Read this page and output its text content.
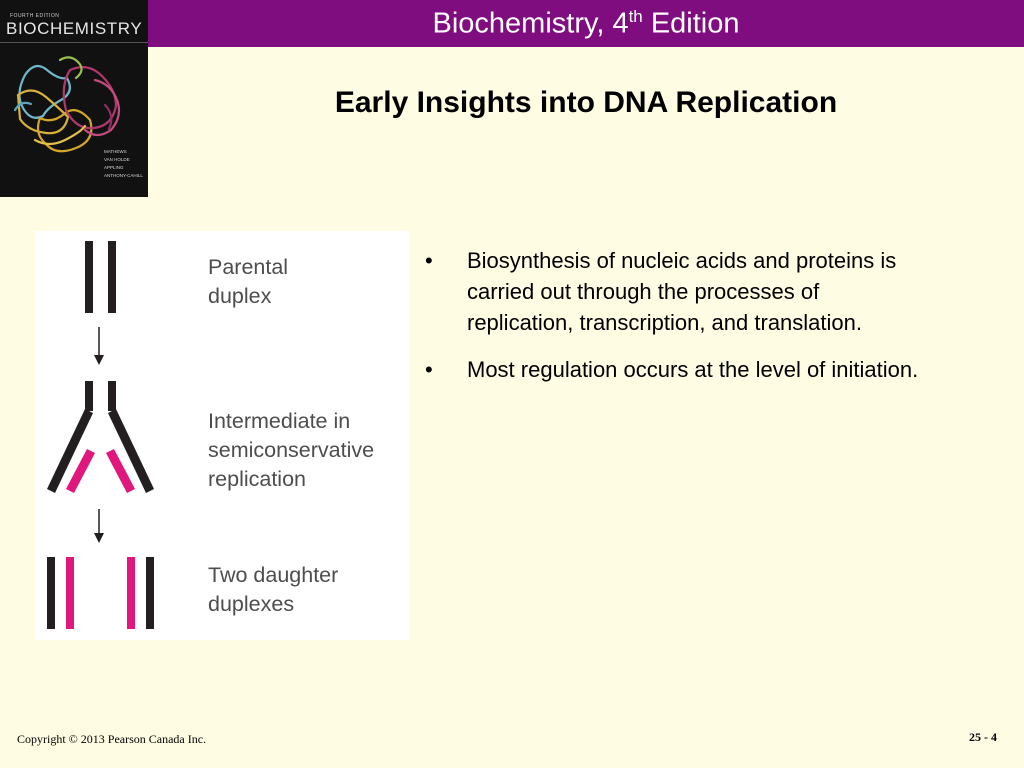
Biochemistry, 4th Edition
FOURTH EDITION
BIOCHEMISTRY
MATHEWS
VAN HOLDE
APPLING
ANTHONY-CAHILL
Early Insights into DNA Replication
Parental
duplex
Intermediate in
semiconservative
replication
Two daughter
duplexes
• Biosynthesis of nucleic acids and proteins is carried out through the processes of replication, transcription, and translation.
• Most regulation occurs at the level of initiation.
Copyright © 2013 Pearson Canada Inc.	25 - 4
